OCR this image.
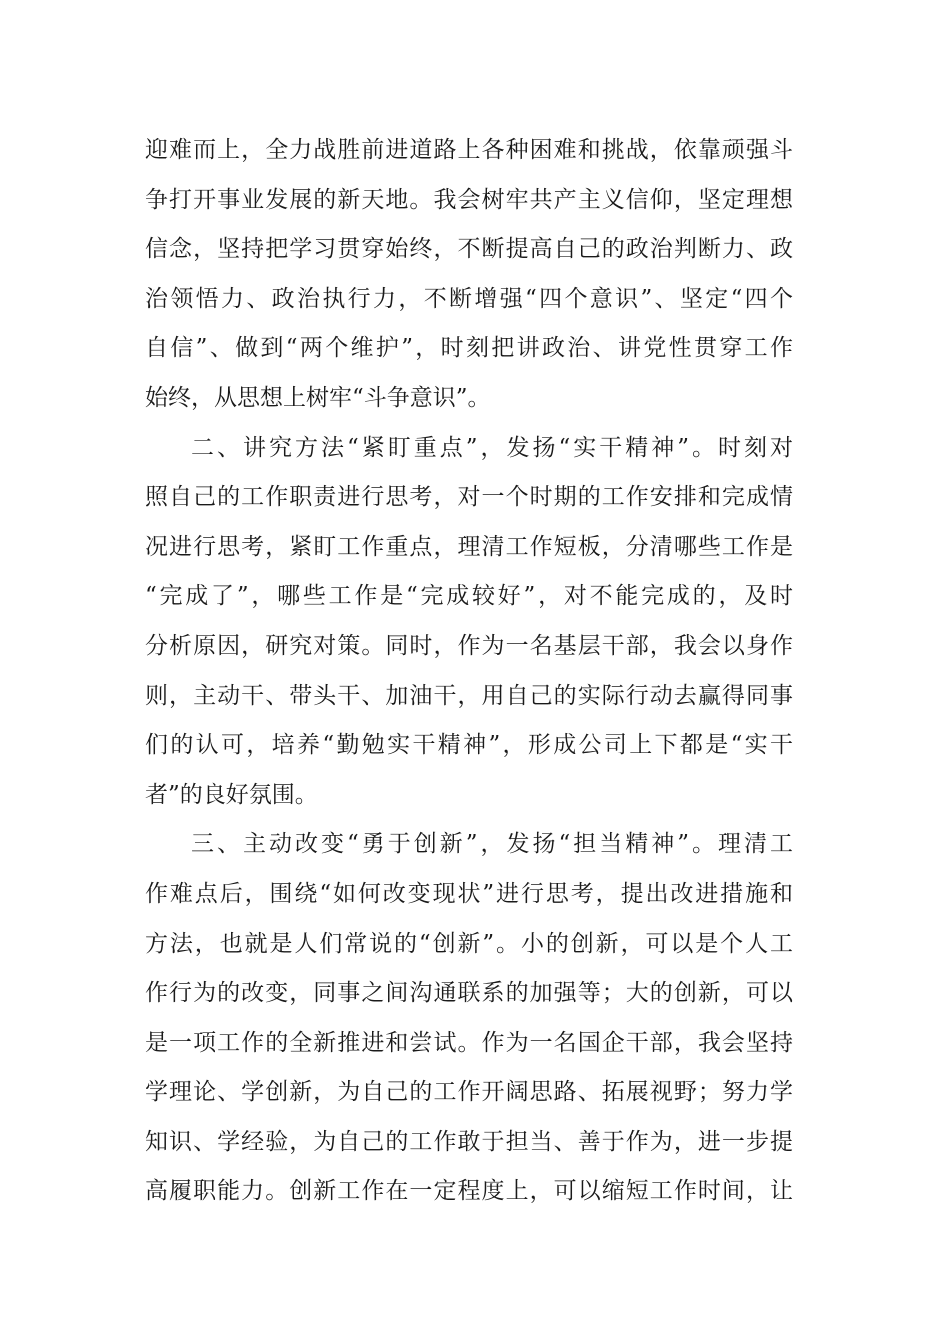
迎难而上，全力战胜前进道路上各种困难和挑战，依靠顽强斗
争打开事业发展的新天地。我会树牢共产主义信仰，坚定理想
信念，坚持把学习贯穿始终，不断提高自己的政治判断力、政
治领悟力、政治执行力，不断增强“四个意识”、坚定“四个
自信”、做到“两个维护”，时刻把讲政治、讲党性贯穿工作
始终，从思想上树牢“斗争意识”。
二、讲究方法“紧盯重点”，发扬“实干精神”。时刻对
照自己的工作职责进行思考，对一个时期的工作安排和完成情
况进行思考，紧盯工作重点，理清工作短板，分清哪些工作是
“完成了”，哪些工作是“完成较好”，对不能完成的，及时
分析原因，研究对策。同时，作为一名基层干部，我会以身作
则，主动干、带头干、加油干，用自己的实际行动去赢得同事
们的认可，培养“勤勉实干精神”，形成公司上下都是“实干
者”的良好氛围。
三、主动改变“勇于创新”，发扬“担当精神”。理清工
作难点后，围绕“如何改变现状”进行思考，提出改进措施和
方法，也就是人们常说的“创新”。小的创新，可以是个人工
作行为的改变，同事之间沟通联系的加强等；大的创新，可以
是一项工作的全新推进和尝试。作为一名国企干部，我会坚持
学理论、学创新，为自己的工作开阔思路、拓展视野；努力学
知识、学经验，为自己的工作敢于担当、善于作为，进一步提
高履职能力。创新工作在一定程度上，可以缩短工作时间，让
